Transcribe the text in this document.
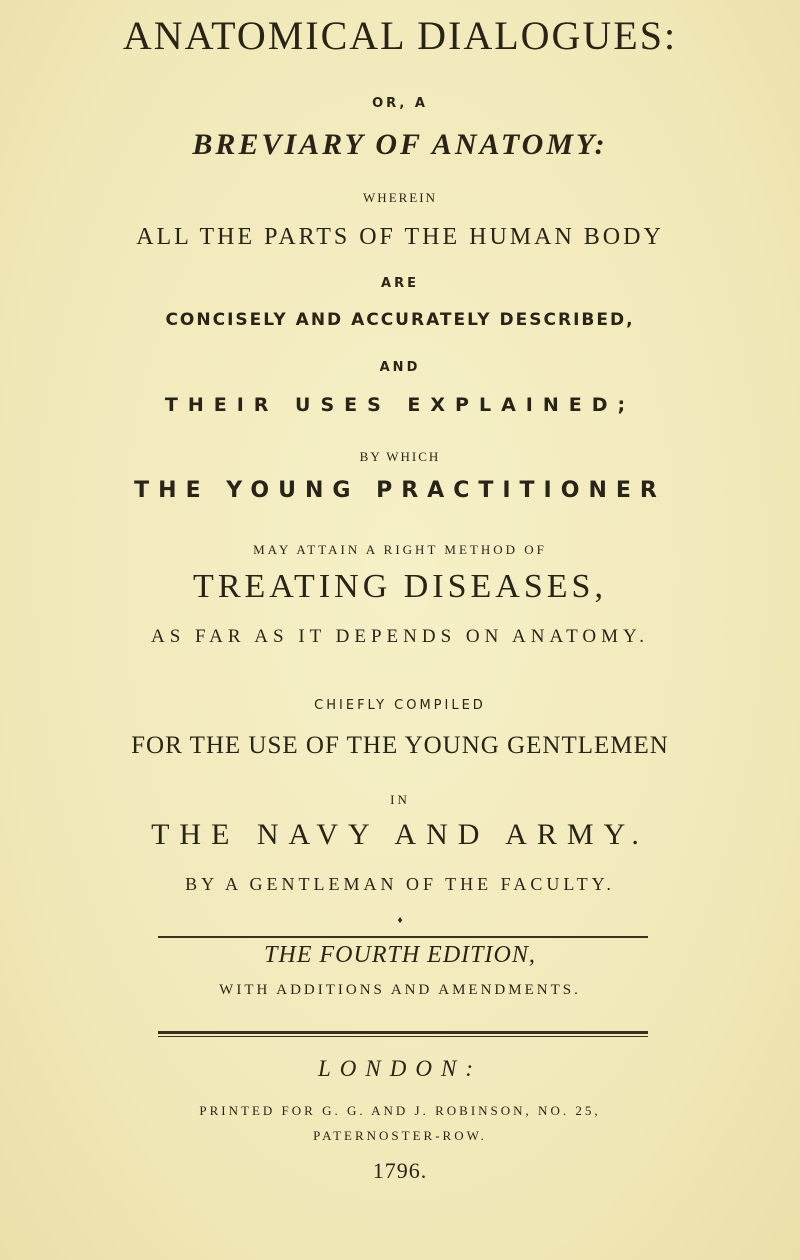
ANATOMICAL DIALOGUES:
OR, A
BREVIARY OF ANATOMY:
WHEREIN
ALL THE PARTS OF THE HUMAN BODY
ARE
CONCISELY AND ACCURATELY DESCRIBED,
AND
THEIR USES EXPLAINED;
BY WHICH
THE YOUNG PRACTITIONER
MAY ATTAIN A RIGHT METHOD OF
TREATING DISEASES,
AS FAR AS IT DEPENDS ON ANATOMY.
CHIEFLY COMPILED
FOR THE USE OF THE YOUNG GENTLEMEN
IN
THE NAVY AND ARMY.
BY A GENTLEMAN OF THE FACULTY.
♦
THE FOURTH EDITION,
WITH ADDITIONS AND AMENDMENTS.
LONDON:
PRINTED FOR G. G. AND J. ROBINSON, NO. 25,
PATERNOSTER-ROW.
1796.
